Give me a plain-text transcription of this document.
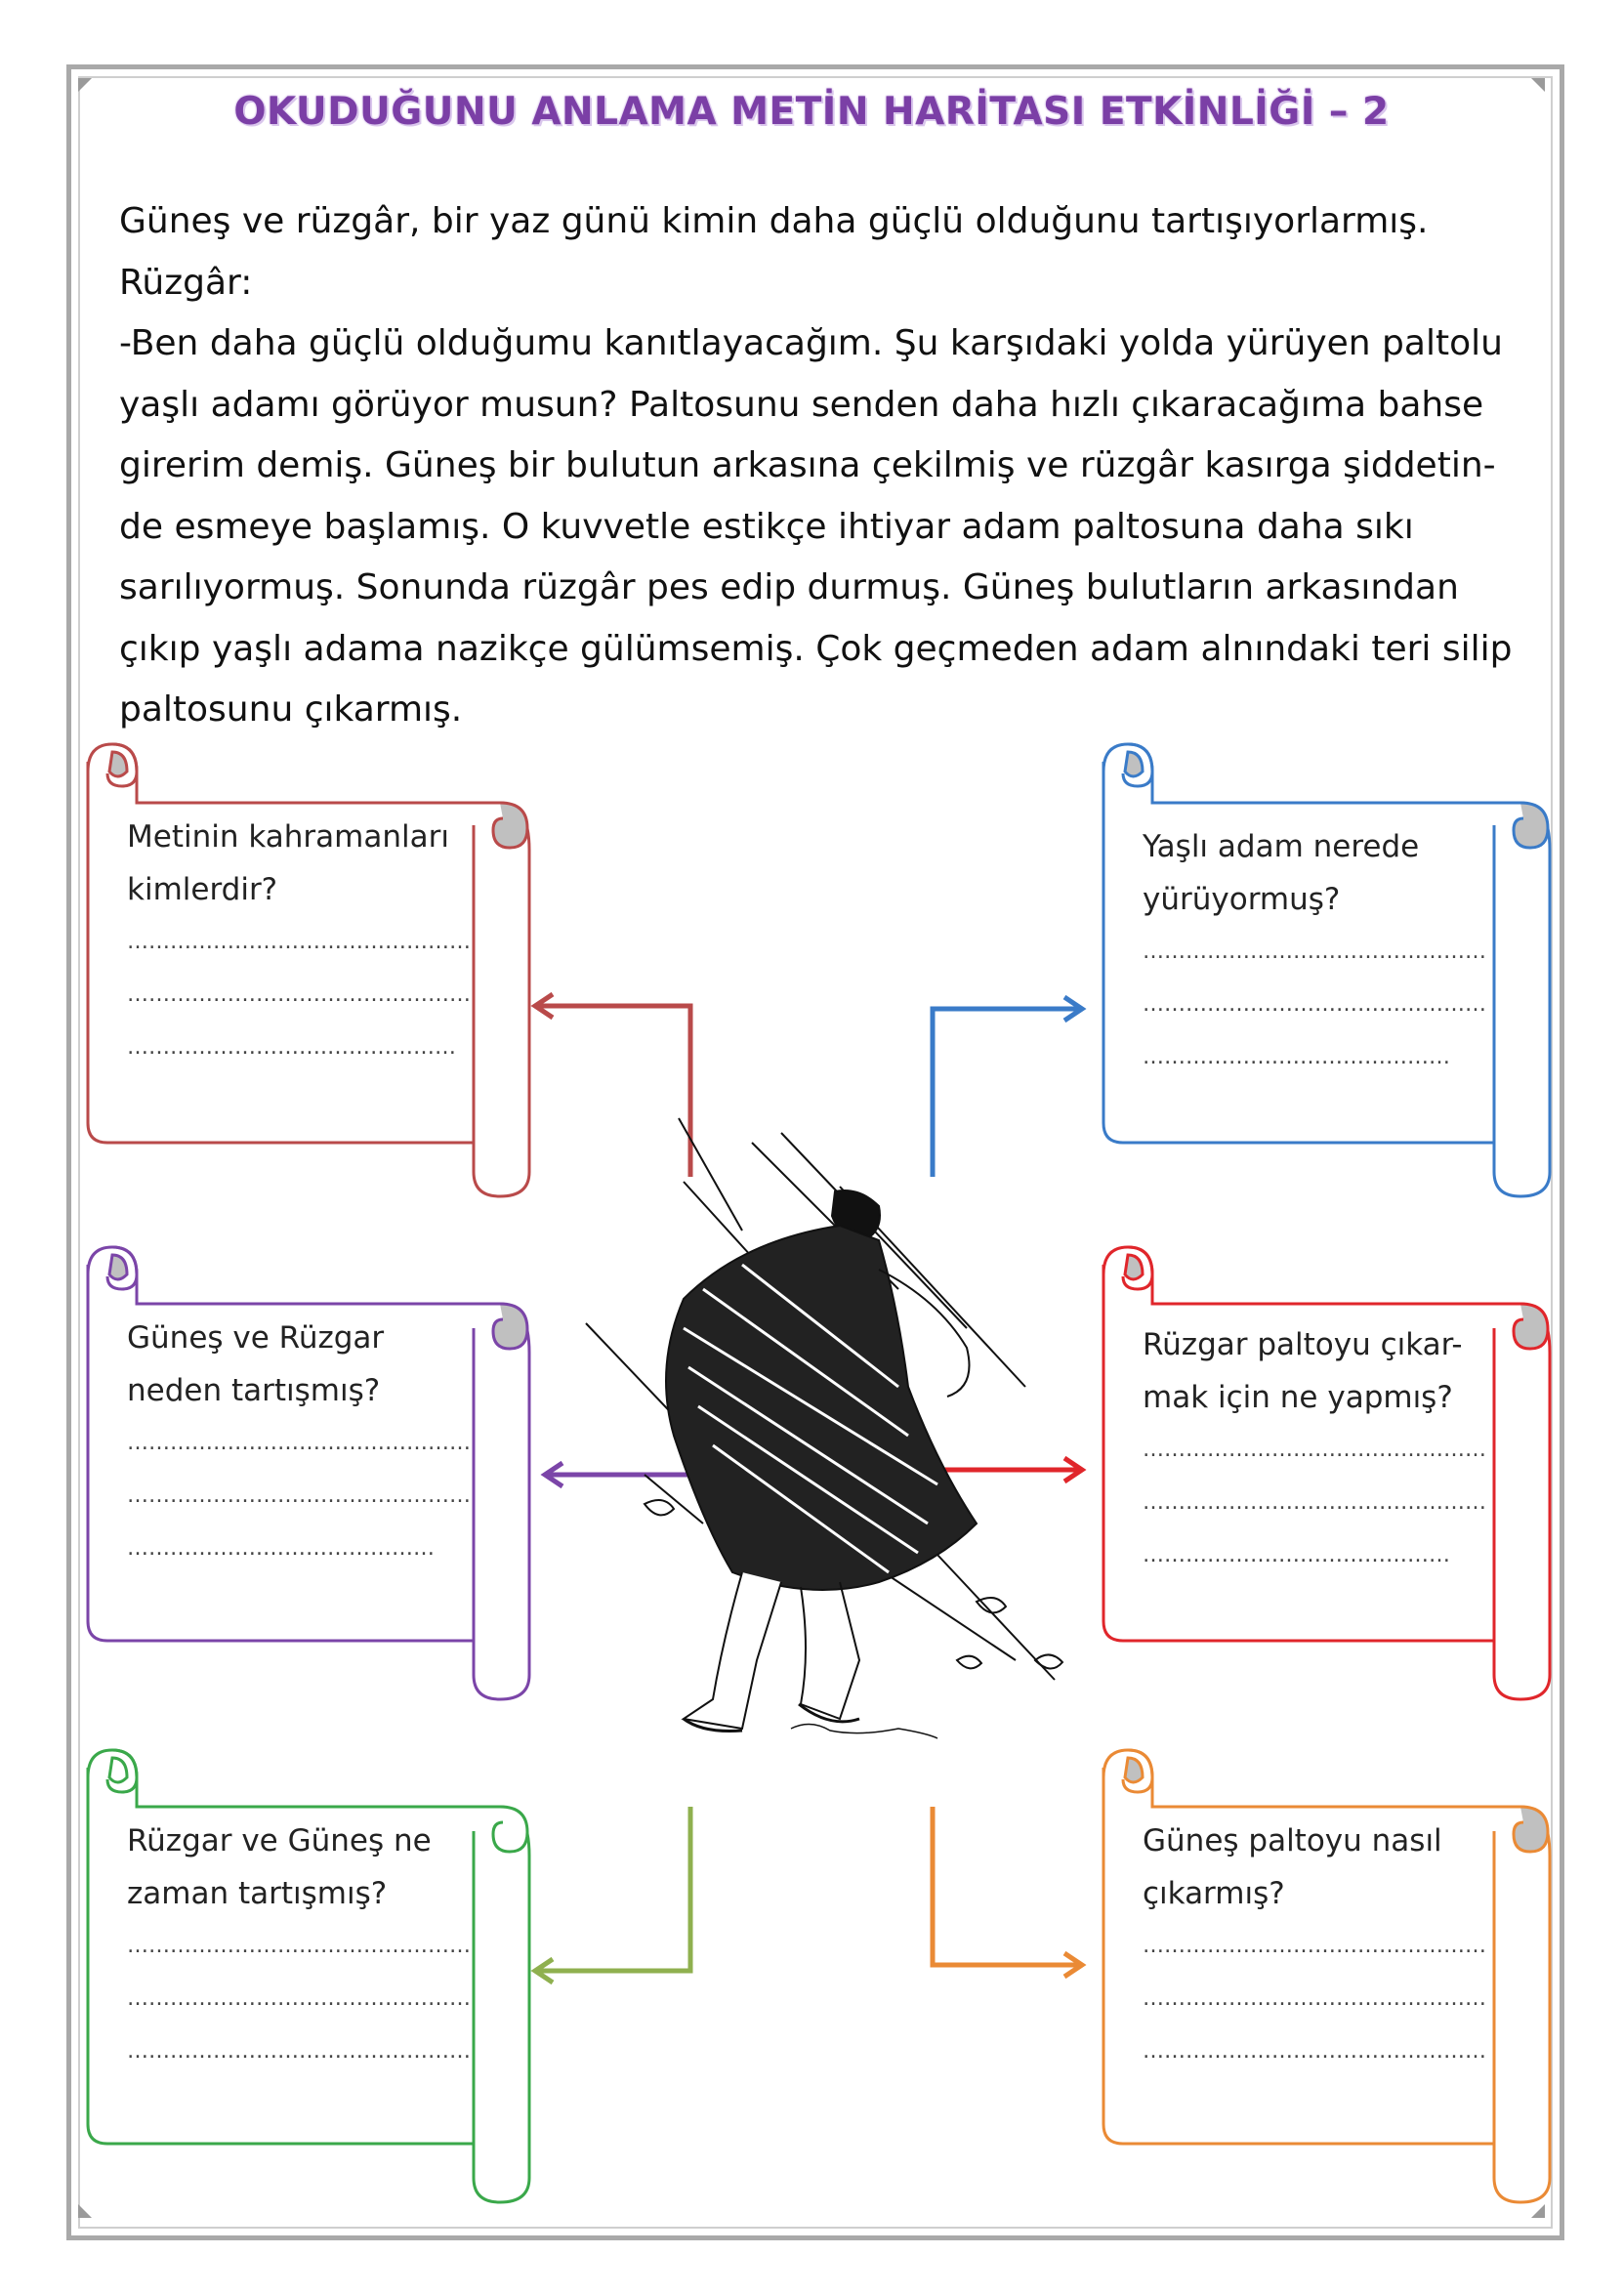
OKUDUĞUNU ANLAMA METİN HARİTASI ETKİNLİĞİ – 2

Güneş ve rüzgâr, bir yaz günü kimin daha güçlü olduğunu tartışıyorlarmış.

Rüzgâr:

-Ben daha güçlü olduğumu kanıtlayacağım. Şu karşıdaki yolda yürüyen paltolu

yaşlı adamı görüyor musun? Paltosunu senden daha hızlı çıkaracağıma bahse

girerim demiş. Güneş bir bulutun arkasına çekilmiş ve rüzgâr kasırga şiddetin-

de esmeye başlamış. O kuvvetle estikçe ihtiyar adam paltosuna daha sıkı

sarılıyormuş. Sonunda rüzgâr pes edip durmuş. Güneş bulutların arkasından

çıkıp yaşlı adama nazikçe gülümsemiş. Çok geçmeden adam alnındaki teri silip

paltosunu çıkarmış.

Metinin kahramanları
kimlerdir?
…………………………………………
…………………………………………
……………………….………………
Yaşlı adam nerede
yürüyormuş?
…………………………………………
…………………………………………
……………….……………………
Güneş ve Rüzgar
neden tartışmış?
…………………………………………
…………………………………………
……………….……………………
Rüzgar paltoyu çıkar-
mak için ne yapmış?
…………………………………………
…………………………………………
……………….……………………
Rüzgar ve Güneş ne
zaman tartışmış?
…………………………………………
…………………………………………
…………………………………………
Güneş paltoyu nasıl
çıkarmış?
…………………………………………
…………………………………………
…………………………………………
